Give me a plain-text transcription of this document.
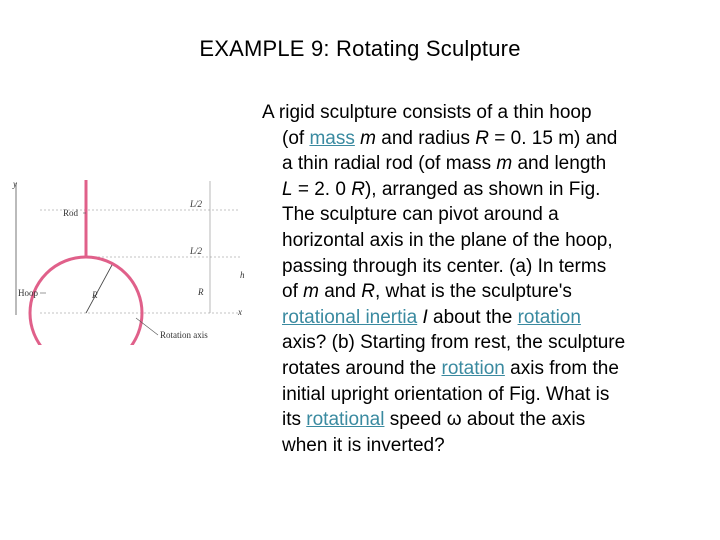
EXAMPLE 9: Rotating Sculpture
y
R
Rod
Hoop
L/2
L/2
R
h
x
Rotation axis
A rigid sculpture consists of a thin hoop
(of mass m and radius R = 0. 15 m) and
a thin radial rod (of mass m and length
L = 2. 0 R), arranged as shown in Fig.
The sculpture can pivot around a
horizontal axis in the plane of the hoop,
passing through its center. (a) In terms
of m and R, what is the sculpture's
rotational inertia I about the rotation
axis? (b) Starting from rest, the sculpture
rotates around the rotation axis from the
initial upright orientation of Fig. What is
its rotational speed ω about the axis
when it is inverted?
